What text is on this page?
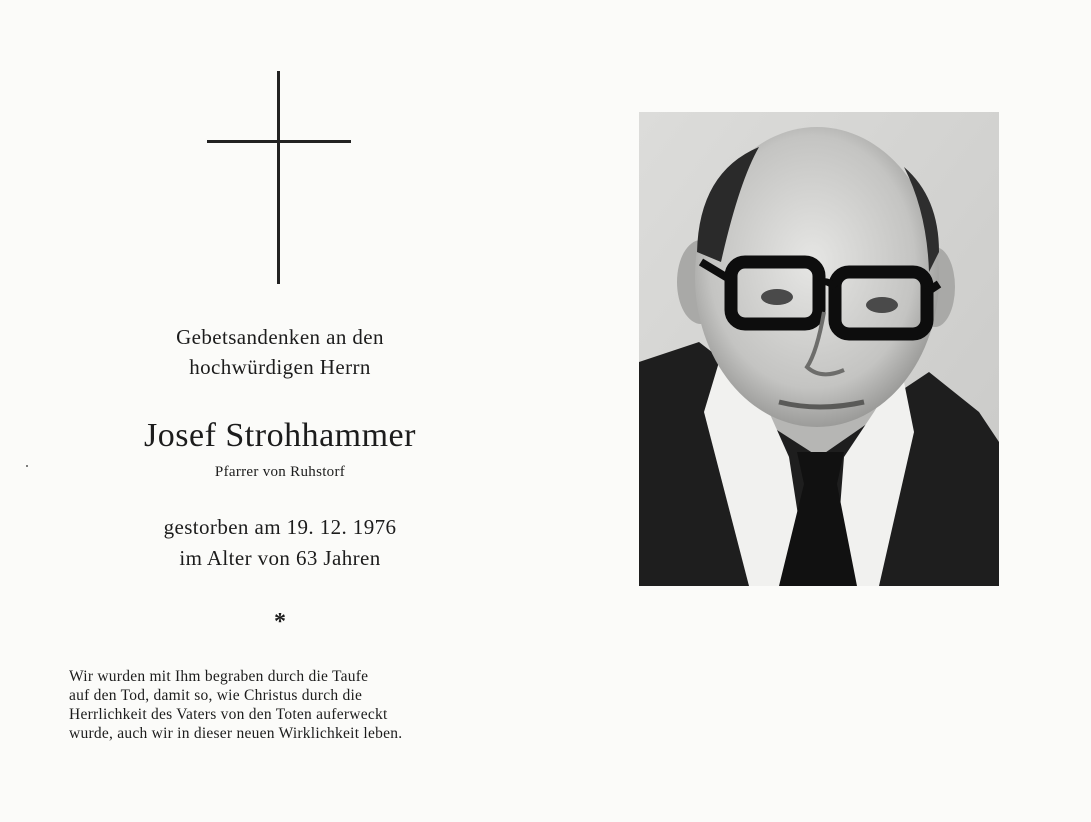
Gebetsandenken an den
hochwürdigen Herrn
Josef Strohhammer
Pfarrer von Ruhstorf
gestorben am 19. 12. 1976
im Alter von 63 Jahren
*
Wir wurden mit Ihm begraben durch die Taufe
auf den Tod, damit so, wie Christus durch die
Herrlichkeit des Vaters von den Toten auferweckt
wurde, auch wir in dieser neuen Wirklichkeit leben.
